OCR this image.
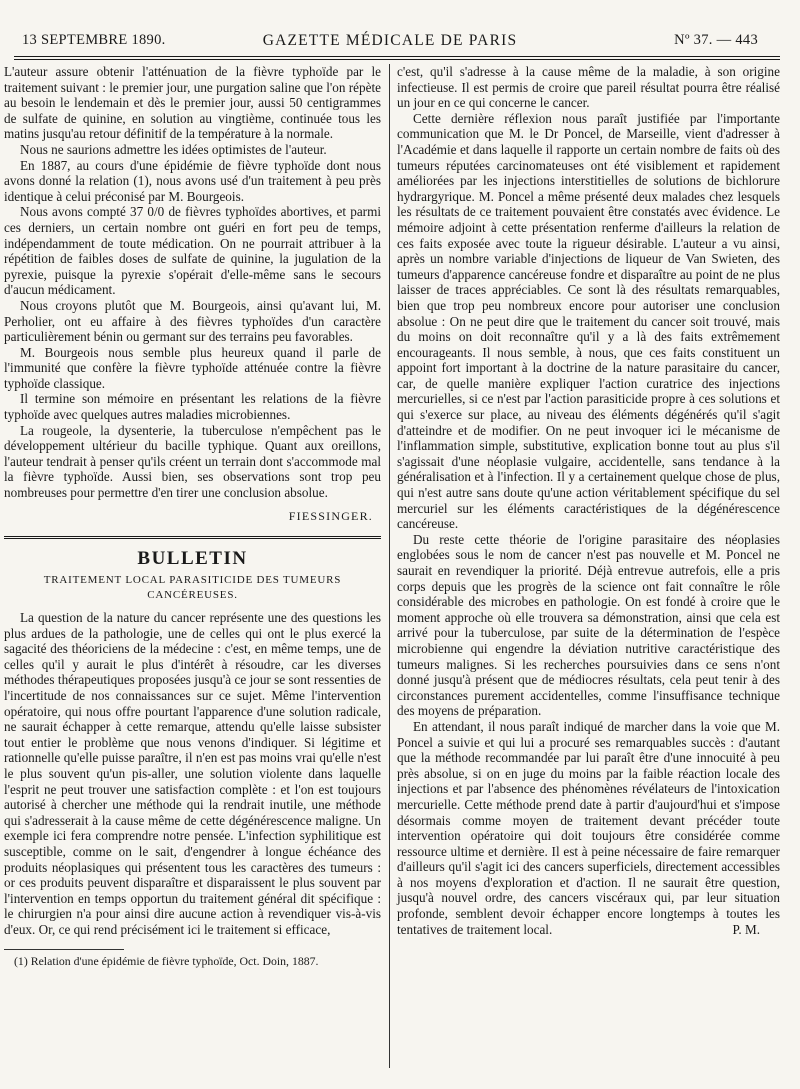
13 SEPTEMBRE 1890.	GAZETTE MÉDICALE DE PARIS	Nº 37. — 443

L'auteur assure obtenir l'atténuation de la fièvre typhoïde par le traitement suivant : le premier jour, une purgation saline que l'on répète au besoin le lendemain et dès le premier jour, aussi 50 centigrammes de sulfate de quinine, en solution au vingtième, continuée tous les matins jusqu'au retour définitif de la température à la normale.

Nous ne saurions admettre les idées optimistes de l'auteur.

En 1887, au cours d'une épidémie de fièvre typhoïde dont nous avons donné la relation (1), nous avons usé d'un traitement à peu près identique à celui préconisé par M. Bourgeois.

Nous avons compté 37 0/0 de fièvres typhoïdes abortives, et parmi ces derniers, un certain nombre ont guéri en fort peu de temps, indépendamment de toute médication. On ne pourrait attribuer à la répétition de faibles doses de sulfate de quinine, la jugulation de la pyrexie, puisque la pyrexie s'opérait d'elle-même sans le secours d'aucun médicament.

Nous croyons plutôt que M. Bourgeois, ainsi qu'avant lui, M. Perholier, ont eu affaire à des fièvres typhoïdes d'un caractère particulièrement bénin ou germant sur des terrains peu favorables.

M. Bourgeois nous semble plus heureux quand il parle de l'immunité que confère la fièvre typhoïde atténuée contre la fièvre typhoïde classique.

Il termine son mémoire en présentant les relations de la fièvre typhoïde avec quelques autres maladies microbiennes.

La rougeole, la dysenterie, la tuberculose n'empêchent pas le développement ultérieur du bacille typhique. Quant aux oreillons, l'auteur tendrait à penser qu'ils créent un terrain dont s'accommode mal la fièvre typhoïde. Aussi bien, ses observations sont trop peu nombreuses pour permettre d'en tirer une conclusion absolue.

FIESSINGER.
BULLETIN
TRAITEMENT LOCAL PARASITICIDE DES TUMEURS CANCÉREUSES.

La question de la nature du cancer représente une des questions les plus ardues de la pathologie, une de celles qui ont le plus exercé la sagacité des théoriciens de la médecine : c'est, en même temps, une de celles qu'il y aurait le plus d'intérêt à résoudre, car les diverses méthodes thérapeutiques proposées jusqu'à ce jour se sont ressenties de l'incertitude de nos connaissances sur ce sujet. Même l'intervention opératoire, qui nous offre pourtant l'apparence d'une solution radicale, ne saurait échapper à cette remarque, attendu qu'elle laisse subsister tout entier le problème que nous venons d'indiquer. Si légitime et rationnelle qu'elle puisse paraître, il n'en est pas moins vrai qu'elle n'est le plus souvent qu'un pis-aller, une solution violente dans laquelle l'esprit ne peut trouver une satisfaction complète : et l'on est toujours autorisé à chercher une méthode qui la rendrait inutile, une méthode qui s'adresserait à la cause même de cette dégénérescence maligne. Un exemple ici fera comprendre notre pensée. L'infection syphilitique est susceptible, comme on le sait, d'engendrer à longue échéance des produits néoplasiques qui présentent tous les caractères des tumeurs : or ces produits peuvent disparaître et disparaissent le plus souvent par l'intervention en temps opportun du traitement général dit spécifique : le chirurgien n'a pour ainsi dire aucune action à revendiquer vis-à-vis d'eux. Or, ce qui rend précisément ici le traitement si efficace,

(1) Relation d'une épidémie de fièvre typhoïde, Oct. Doin, 1887.

c'est, qu'il s'adresse à la cause même de la maladie, à son origine infectieuse. Il est permis de croire que pareil résultat pourra être réalisé un jour en ce qui concerne le cancer.

Cette dernière réflexion nous paraît justifiée par l'importante communication que M. le Dr Poncel, de Marseille, vient d'adresser à l'Académie et dans laquelle il rapporte un certain nombre de faits où des tumeurs réputées carcinomateuses ont été visiblement et rapidement améliorées par les injections interstitielles de solutions de bichlorure hydrargyrique. M. Poncel a même présenté deux malades chez lesquels les résultats de ce traitement pouvaient être constatés avec évidence. Le mémoire adjoint à cette présentation renferme d'ailleurs la relation de ces faits exposée avec toute la rigueur désirable. L'auteur a vu ainsi, après un nombre variable d'injections de liqueur de Van Swieten, des tumeurs d'apparence cancéreuse fondre et disparaître au point de ne plus laisser de traces appréciables. Ce sont là des résultats remarquables, bien que trop peu nombreux encore pour autoriser une conclusion absolue : On ne peut dire que le traitement du cancer soit trouvé, mais du moins on doit reconnaître qu'il y a là des faits extrêmement encourageants. Il nous semble, à nous, que ces faits constituent un appoint fort important à la doctrine de la nature parasitaire du cancer, car, de quelle manière expliquer l'action curatrice des injections mercurielles, si ce n'est par l'action parasiticide propre à ces solutions et qui s'exerce sur place, au niveau des éléments dégénérés qu'il s'agit d'atteindre et de modifier. On ne peut invoquer ici le mécanisme de l'inflammation simple, substitutive, explication bonne tout au plus s'il s'agissait d'une néoplasie vulgaire, accidentelle, sans tendance à la généralisation et à l'infection. Il y a certainement quelque chose de plus, qui n'est autre sans doute qu'une action véritablement spécifique du sel mercuriel sur les éléments caractéristiques de la dégénérescence cancéreuse.

Du reste cette théorie de l'origine parasitaire des néoplasies englobées sous le nom de cancer n'est pas nouvelle et M. Poncel ne saurait en revendiquer la priorité. Déjà entrevue autrefois, elle a pris corps depuis que les progrès de la science ont fait connaître le rôle considérable des microbes en pathologie. On est fondé à croire que le moment approche où elle trouvera sa démonstration, ainsi que cela est arrivé pour la tuberculose, par suite de la détermination de l'espèce microbienne qui engendre la déviation nutritive caractéristique des tumeurs malignes. Si les recherches poursuivies dans ce sens n'ont donné jusqu'à présent que de médiocres résultats, cela peut tenir à des circonstances purement accidentelles, comme l'insuffisance technique des moyens de préparation.

En attendant, il nous paraît indiqué de marcher dans la voie que M. Poncel a suivie et qui lui a procuré ses remarquables succès : d'autant que la méthode recommandée par lui paraît être d'une innocuité à peu près absolue, si on en juge du moins par la faible réaction locale des injections et par l'absence des phénomènes révélateurs de l'intoxication mercurielle. Cette méthode prend date à partir d'aujourd'hui et s'impose désormais comme moyen de traitement devant précéder toute intervention opératoire qui doit toujours être considérée comme ressource ultime et dernière. Il est à peine nécessaire de faire remarquer d'ailleurs qu'il s'agit ici des cancers superficiels, directement accessibles à nos moyens d'exploration et d'action. Il ne saurait être question, jusqu'à nouvel ordre, des cancers viscéraux qui, par leur situation profonde, semblent devoir échapper encore longtemps à toutes les tentatives de traitement local.	P. M.
